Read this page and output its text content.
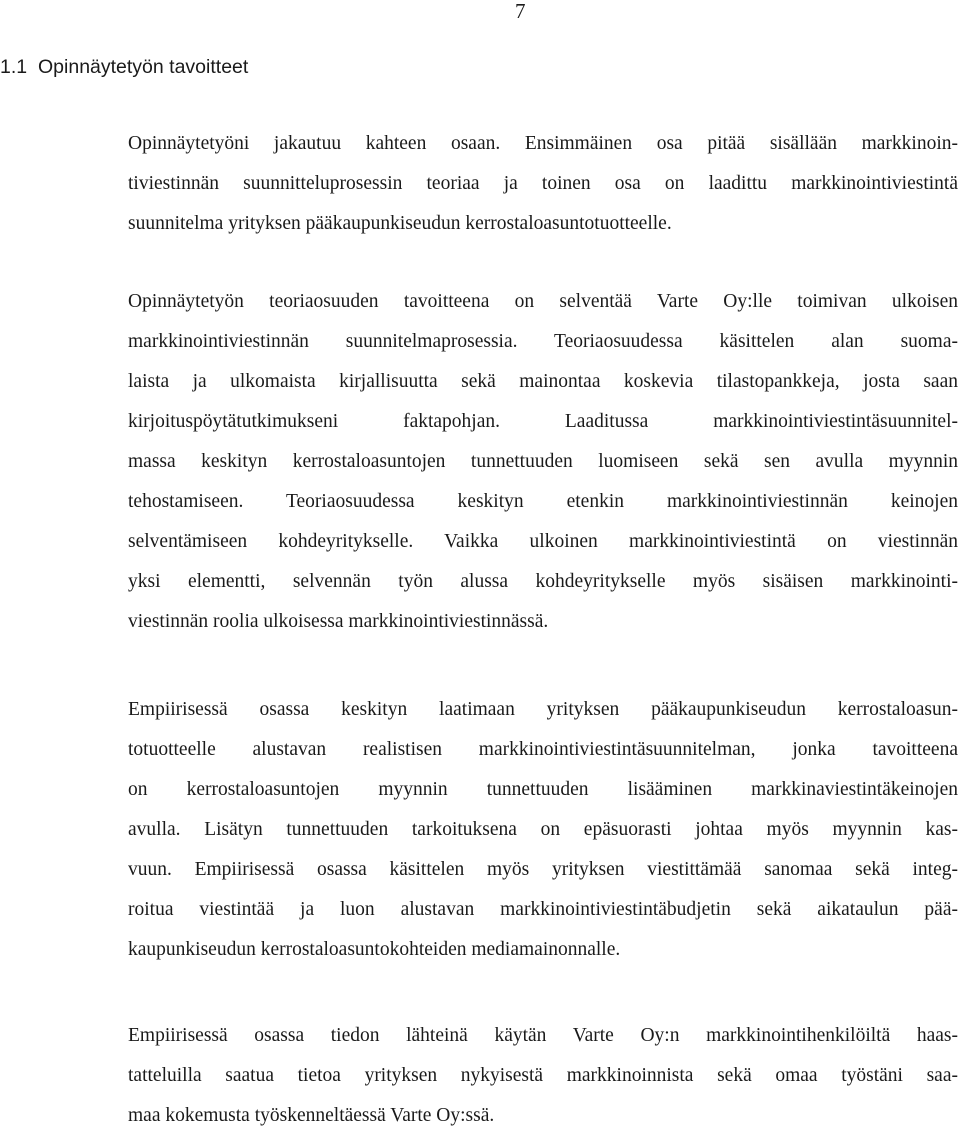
7
1.1 Opinnäytetyön tavoitteet
Opinnäytetyöni jakautuu kahteen osaan. Ensimmäinen osa pitää sisällään markkinoin-
tiviestinnän suunnitteluprosessin teoriaa ja toinen osa on laadittu markkinointiviestintä
suunnitelma yrityksen pääkaupunkiseudun kerrostaloasuntotuotteelle.
Opinnäytetyön teoriaosuuden tavoitteena on selventää Varte Oy:lle toimivan ulkoisen
markkinointiviestinnän suunnitelmaprosessia. Teoriaosuudessa käsittelen alan suoma-
laista ja ulkomaista kirjallisuutta sekä mainontaa koskevia tilastopankkeja, josta saan
kirjoituspöytätutkimukseni faktapohjan. Laaditussa markkinointiviestintäsuunnitel-
massa keskityn kerrostaloasuntojen tunnettuuden luomiseen sekä sen avulla myynnin
tehostamiseen. Teoriaosuudessa keskityn etenkin markkinointiviestinnän keinojen
selventämiseen kohdeyritykselle. Vaikka ulkoinen markkinointiviestintä on viestinnän
yksi elementti, selvennän työn alussa kohdeyritykselle myös sisäisen markkinointi-
viestinnän roolia ulkoisessa markkinointiviestinnässä.
Empiirisessä osassa keskityn laatimaan yrityksen pääkaupunkiseudun kerrostaloasun-
totuotteelle alustavan realistisen markkinointiviestintäsuunnitelman, jonka tavoitteena
on kerrostaloasuntojen myynnin tunnettuuden lisääminen markkinaviestintäkeinojen
avulla. Lisätyn tunnettuuden tarkoituksena on epäsuorasti johtaa myös myynnin kas-
vuun. Empiirisessä osassa käsittelen myös yrityksen viestittämää sanomaa sekä integ-
roitua viestintää ja luon alustavan markkinointiviestintäbudjetin sekä aikataulun pää-
kaupunkiseudun kerrostaloasuntokohteiden mediamainonnalle.
Empiirisessä osassa tiedon lähteinä käytän Varte Oy:n markkinointihenkilöiltä haas-
tatteluilla saatua tietoa yrityksen nykyisestä markkinoinnista sekä omaa työstäni saa-
maa kokemusta työskenneltäessä Varte Oy:ssä.
